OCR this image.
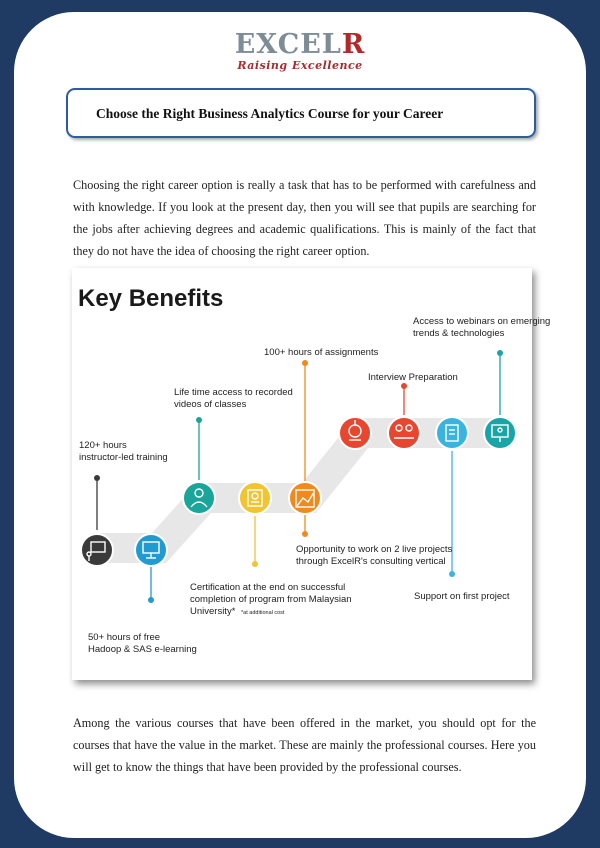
EXCELR
Raising Excellence
Choose the Right Business Analytics Course for your Career

Choosing the right career option is really a task that has to be performed with carefulness and with knowledge. If you look at the present day, then you will see that pupils are searching for the jobs after achieving degrees and academic qualifications. This is mainly of the fact that they do not have the idea of choosing the right career option.

Key Benefits
120+ hours instructor-led training
50+ hours of free Hadoop & SAS e-learning
Life time access to recorded videos of classes
Certification at the end on successful completion of program from Malaysian University* *at additional cost
100+ hours of assignments
Opportunity to work on 2 live projects through ExcelR's consulting vertical
Interview Preparation
Support on first project
Access to webinars on emerging trends & technologies

Among the various courses that have been offered in the market, you should opt for the courses that have the value in the market. These are mainly the professional courses. Here you will get to know the things that have been provided by the professional courses.
